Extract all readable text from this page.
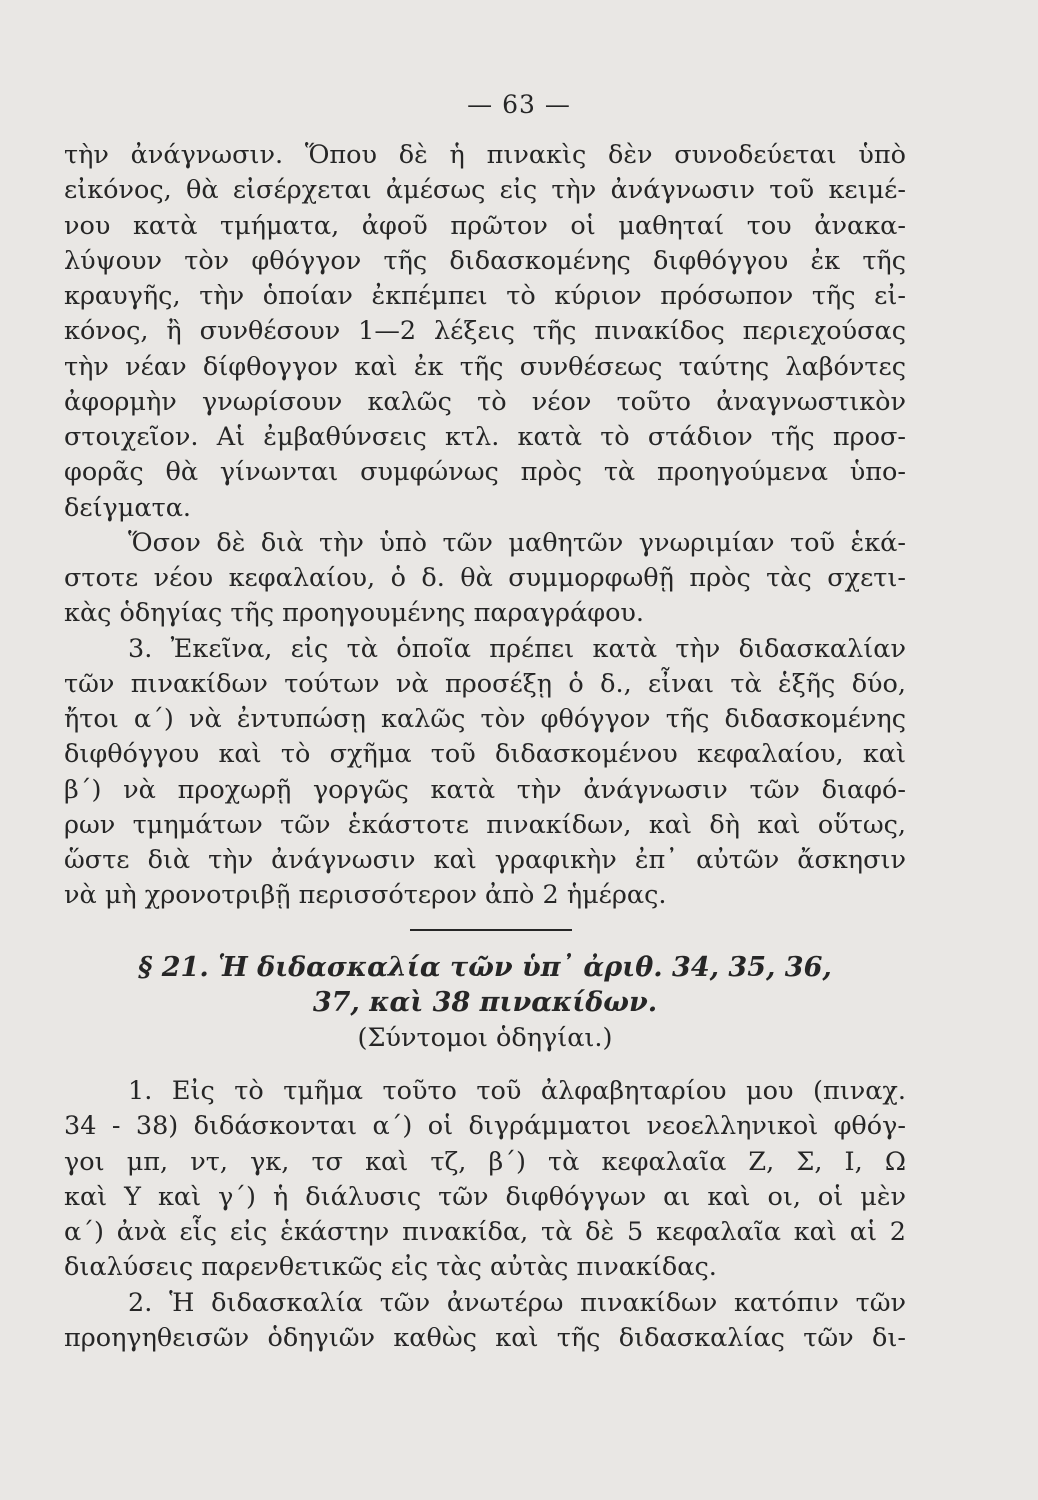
— 63 —
τὴν ἀνάγνωσιν. Ὅπου δὲ ἡ πινακὶς δὲν συνοδεύεται ὑπὸ
εἰκόνος, θὰ εἰσέρχεται ἀμέσως εἰς τὴν ἀνάγνωσιν τοῦ κειμέ-
νου κατὰ τμήματα, ἀφοῦ πρῶτον οἱ μαθηταί του ἀνακα-
λύψουν τὸν φθόγγον τῆς διδασκομένης διφθόγγου ἐκ τῆς
κραυγῆς, τὴν ὁποίαν ἐκπέμπει τὸ κύριον πρόσωπον τῆς εἰ-
κόνος, ἢ συνθέσουν 1—2 λέξεις τῆς πινακίδος περιεχούσας
τὴν νέαν δίφθογγον καὶ ἐκ τῆς συνθέσεως ταύτης λαβόντες
ἀφορμὴν γνωρίσουν καλῶς τὸ νέον τοῦτο ἀναγνωστικὸν
στοιχεῖον. Αἱ ἐμβαθύνσεις κτλ. κατὰ τὸ στάδιον τῆς προσ-
φορᾶς θὰ γίνωνται συμφώνως πρὸς τὰ προηγούμενα ὑπο-
δείγματα.
Ὅσον δὲ διὰ τὴν ὑπὸ τῶν μαθητῶν γνωριμίαν τοῦ ἑκά-
στοτε νέου κεφαλαίου, ὁ δ. θὰ συμμορφωθῇ πρὸς τὰς σχετι-
κὰς ὁδηγίας τῆς προηγουμένης παραγράφου.
3. Ἐκεῖνα, εἰς τὰ ὁποῖα πρέπει κατὰ τὴν διδασκαλίαν
τῶν πινακίδων τούτων νὰ προσέξῃ ὁ δ., εἶναι τὰ ἑξῆς δύο,
ἤτοι α΄) νὰ ἐντυπώσῃ καλῶς τὸν φθόγγον τῆς διδασκομένης
διφθόγγου καὶ τὸ σχῆμα τοῦ διδασκομένου κεφαλαίου, καὶ
β΄) νὰ προχωρῇ γοργῶς κατὰ τὴν ἀνάγνωσιν τῶν διαφό-
ρων τμημάτων τῶν ἑκάστοτε πινακίδων, καὶ δὴ καὶ οὕτως,
ὥστε διὰ τὴν ἀνάγνωσιν καὶ γραφικὴν ἐπ᾽ αὐτῶν ἄσκησιν
νὰ μὴ χρονοτριβῇ περισσότερον ἀπὸ 2 ἡμέρας.
§ 21. Ἡ διδασκαλία τῶν ὑπ᾽ ἀριθ. 34, 35, 36,
37, καὶ 38 πινακίδων.
(Σύντομοι ὁδηγίαι.)
1. Εἰς τὸ τμῆμα τοῦτο τοῦ ἀλφαβηταρίου μου (πιναχ.
34 - 38) διδάσκονται α΄) οἱ διγράμματοι νεοελληνικοὶ φθόγ-
γοι μπ, ντ, γκ, τσ καὶ τζ, β΄) τὰ κεφαλαῖα Ζ, Σ, Ι, Ω
καὶ Υ καὶ γ΄) ἡ διάλυσις τῶν διφθόγγων αι καὶ οι, οἱ μὲν
α΄) ἀνὰ εἷς εἰς ἑκάστην πινακίδα, τὰ δὲ 5 κεφαλαῖα καὶ αἱ 2
διαλύσεις παρενθετικῶς εἰς τὰς αὐτὰς πινακίδας.
2. Ἡ διδασκαλία τῶν ἀνωτέρω πινακίδων κατόπιν τῶν
προηγηθεισῶν ὁδηγιῶν καθὼς καὶ τῆς διδασκαλίας τῶν δι-
